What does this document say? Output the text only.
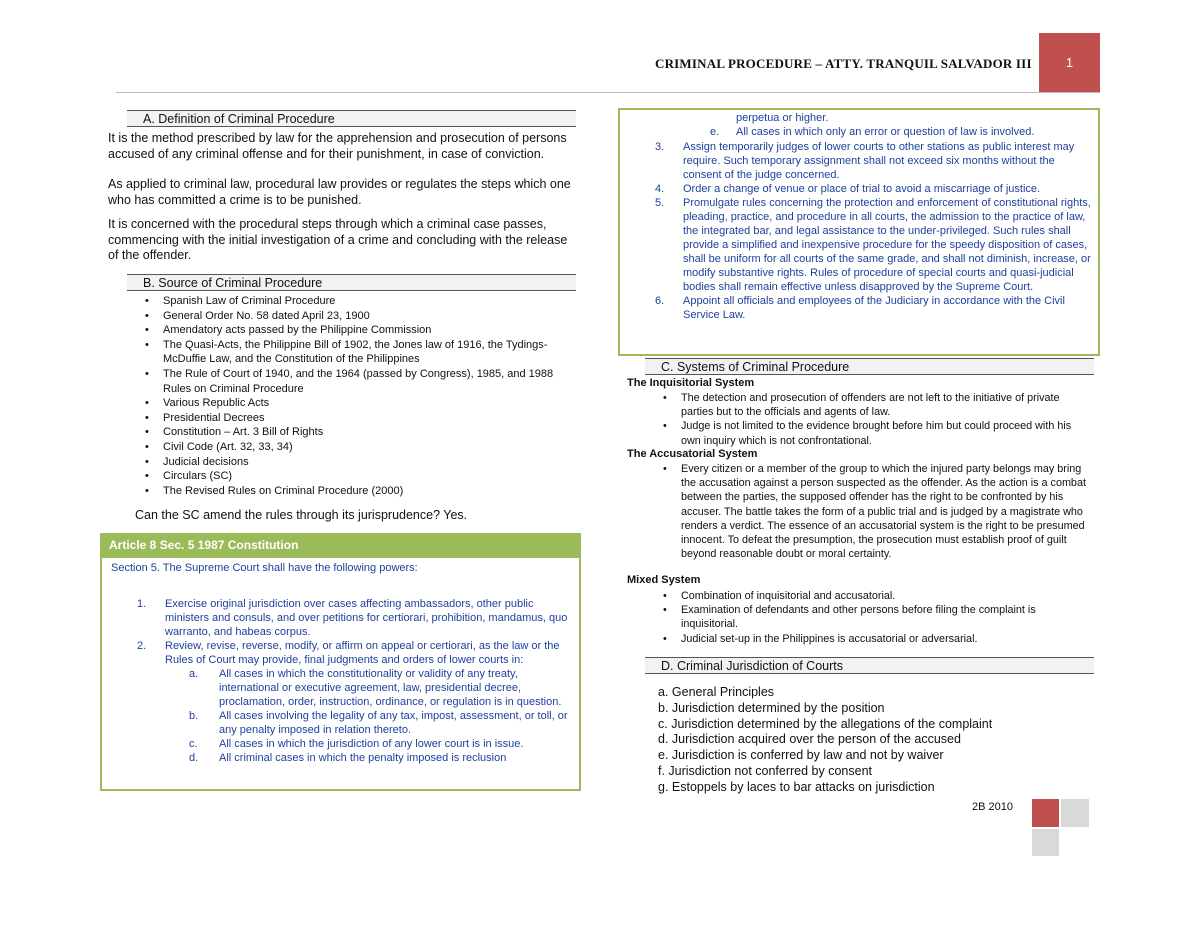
CRIMINAL PROCEDURE – ATTY. TRANQUIL SALVADOR III	1
A. Definition of Criminal Procedure

It is the method prescribed by law for the apprehension and prosecution of persons accused of any criminal offense and for their punishment, in case of conviction.

As applied to criminal law, procedural law provides or regulates the steps which one who has committed a crime is to be punished.

It is concerned with the procedural steps through which a criminal case passes, commencing with the initial investigation of a crime and concluding with the release of the offender.

B. Source of Criminal Procedure
• Spanish Law of Criminal Procedure
• General Order No. 58 dated April 23, 1900
• Amendatory acts passed by the Philippine Commission
• The Quasi-Acts, the Philippine Bill of 1902, the Jones law of 1916, the Tydings-McDuffie Law, and the Constitution of the Philippines
• The Rule of Court of 1940, and the 1964 (passed by Congress), 1985, and 1988 Rules on Criminal Procedure
• Various Republic Acts
• Presidential Decrees
• Constitution – Art. 3 Bill of Rights
• Civil Code (Art. 32, 33, 34)
• Judicial decisions
• Circulars (SC)
• The Revised Rules on Criminal Procedure (2000)

Can the SC amend the rules through its jurisprudence? Yes.

Article 8 Sec. 5 1987 Constitution
Section 5. The Supreme Court shall have the following powers:
1. Exercise original jurisdiction over cases affecting ambassadors, other public ministers and consuls, and over petitions for certiorari, prohibition, mandamus, quo warranto, and habeas corpus.
2. Review, revise, reverse, modify, or affirm on appeal or certiorari, as the law or the Rules of Court may provide, final judgments and orders of lower courts in:
a. All cases in which the constitutionality or validity of any treaty, international or executive agreement, law, presidential decree, proclamation, order, instruction, ordinance, or regulation is in question.
b. All cases involving the legality of any tax, impost, assessment, or toll, or any penalty imposed in relation thereto.
c. All cases in which the jurisdiction of any lower court is in issue.
d. All criminal cases in which the penalty imposed is reclusion
perpetua or higher.
e. All cases in which only an error or question of law is involved.
3. Assign temporarily judges of lower courts to other stations as public interest may require. Such temporary assignment shall not exceed six months without the consent of the judge concerned.
4. Order a change of venue or place of trial to avoid a miscarriage of justice.
5. Promulgate rules concerning the protection and enforcement of constitutional rights, pleading, practice, and procedure in all courts, the admission to the practice of law, the integrated bar, and legal assistance to the under-privileged. Such rules shall provide a simplified and inexpensive procedure for the speedy disposition of cases, shall be uniform for all courts of the same grade, and shall not diminish, increase, or modify substantive rights. Rules of procedure of special courts and quasi-judicial bodies shall remain effective unless disapproved by the Supreme Court.
6. Appoint all officials and employees of the Judiciary in accordance with the Civil Service Law.
C. Systems of Criminal Procedure
The Inquisitorial System
• The detection and prosecution of offenders are not left to the initiative of private parties but to the officials and agents of law.
• Judge is not limited to the evidence brought before him but could proceed with his own inquiry which is not confrontational.
The Accusatorial System
• Every citizen or a member of the group to which the injured party belongs may bring the accusation against a person suspected as the offender. As the action is a combat between the parties, the supposed offender has the right to be confronted by his accuser. The battle takes the form of a public trial and is judged by a magistrate who renders a verdict. The essence of an accusatorial system is the right to be presumed innocent. To defeat the presumption, the prosecution must establish proof of guilt beyond reasonable doubt or moral certainty.
Mixed System
• Combination of inquisitorial and accusatorial.
• Examination of defendants and other persons before filing the complaint is inquisitorial.
• Judicial set-up in the Philippines is accusatorial or adversarial.
D. Criminal Jurisdiction of Courts
a. General Principles
b. Jurisdiction determined by the position
c. Jurisdiction determined by the allegations of the complaint
d. Jurisdiction acquired over the person of the accused
e. Jurisdiction is conferred by law and not by waiver
f. Jurisdiction not conferred by consent
g. Estoppels by laces to bar attacks on jurisdiction
2B 2010
